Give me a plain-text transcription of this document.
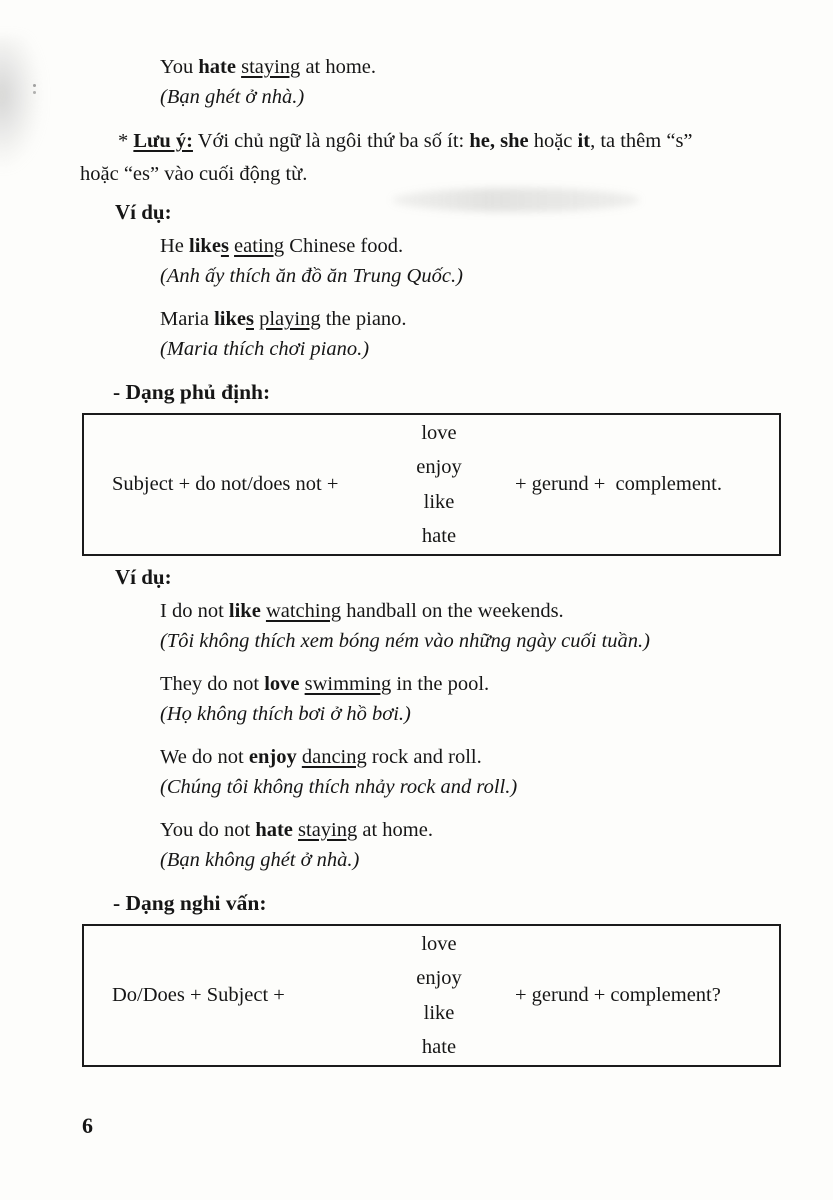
You hate staying at home.

(Bạn ghét ở nhà.)

* Lưu ý: Với chủ ngữ là ngôi thứ ba số ít: he, she hoặc it, ta thêm “s”
hoặc “es” vào cuối động từ.
Ví dụ:

He likes eating Chinese food.

(Anh ấy thích ăn đồ ăn Trung Quốc.)

Maria likes playing the piano.

(Maria thích chơi piano.)

- Dạng phủ định:
Subject + do not/does not +
love
enjoy
like
hate
+ gerund +  complement.
Ví dụ:

I do not like watching handball on the weekends.

(Tôi không thích xem bóng ném vào những ngày cuối tuần.)

They do not love swimming in the pool.

(Họ không thích bơi ở hồ bơi.)

We do not enjoy dancing rock and roll.

(Chúng tôi không thích nhảy rock and roll.)

You do not hate staying at home.

(Bạn không ghét ở nhà.)

- Dạng nghi vấn:
Do/Does + Subject +
love
enjoy
like
hate
+ gerund + complement?
6
